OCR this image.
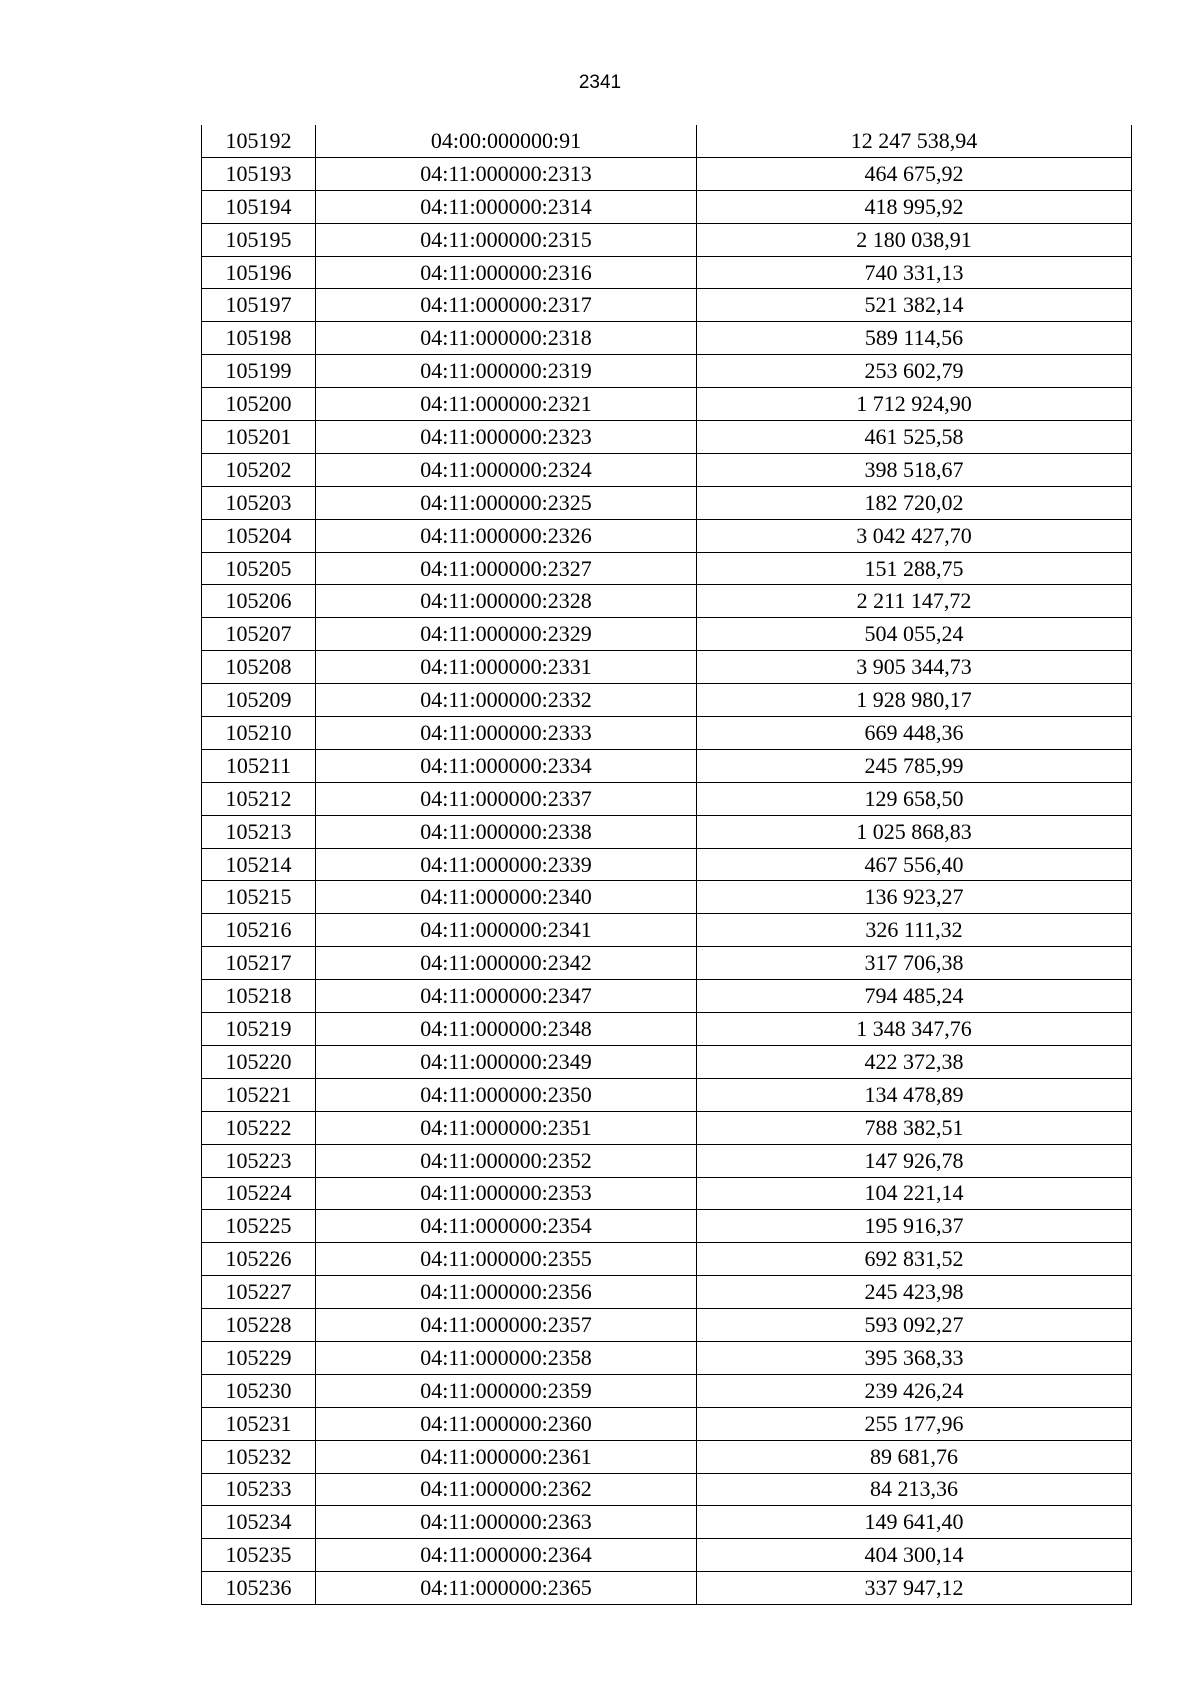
2341
105192	04:00:000000:91	12 247 538,94
105193	04:11:000000:2313	464 675,92
105194	04:11:000000:2314	418 995,92
105195	04:11:000000:2315	2 180 038,91
105196	04:11:000000:2316	740 331,13
105197	04:11:000000:2317	521 382,14
105198	04:11:000000:2318	589 114,56
105199	04:11:000000:2319	253 602,79
105200	04:11:000000:2321	1 712 924,90
105201	04:11:000000:2323	461 525,58
105202	04:11:000000:2324	398 518,67
105203	04:11:000000:2325	182 720,02
105204	04:11:000000:2326	3 042 427,70
105205	04:11:000000:2327	151 288,75
105206	04:11:000000:2328	2 211 147,72
105207	04:11:000000:2329	504 055,24
105208	04:11:000000:2331	3 905 344,73
105209	04:11:000000:2332	1 928 980,17
105210	04:11:000000:2333	669 448,36
105211	04:11:000000:2334	245 785,99
105212	04:11:000000:2337	129 658,50
105213	04:11:000000:2338	1 025 868,83
105214	04:11:000000:2339	467 556,40
105215	04:11:000000:2340	136 923,27
105216	04:11:000000:2341	326 111,32
105217	04:11:000000:2342	317 706,38
105218	04:11:000000:2347	794 485,24
105219	04:11:000000:2348	1 348 347,76
105220	04:11:000000:2349	422 372,38
105221	04:11:000000:2350	134 478,89
105222	04:11:000000:2351	788 382,51
105223	04:11:000000:2352	147 926,78
105224	04:11:000000:2353	104 221,14
105225	04:11:000000:2354	195 916,37
105226	04:11:000000:2355	692 831,52
105227	04:11:000000:2356	245 423,98
105228	04:11:000000:2357	593 092,27
105229	04:11:000000:2358	395 368,33
105230	04:11:000000:2359	239 426,24
105231	04:11:000000:2360	255 177,96
105232	04:11:000000:2361	89 681,76
105233	04:11:000000:2362	84 213,36
105234	04:11:000000:2363	149 641,40
105235	04:11:000000:2364	404 300,14
105236	04:11:000000:2365	337 947,12
